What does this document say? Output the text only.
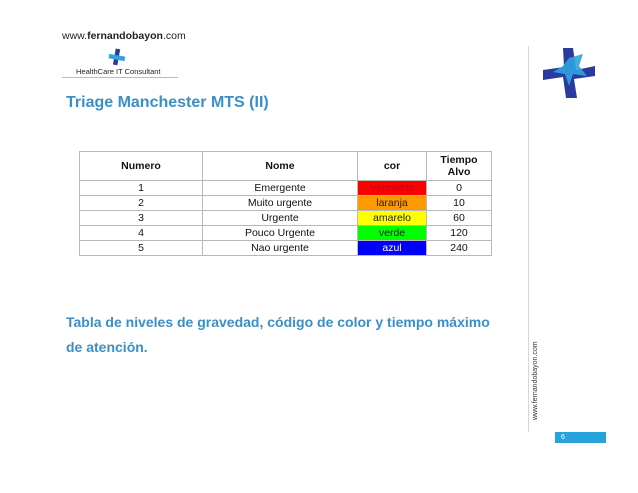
www.fernandobayon.com
HealthCare IT Consultant
Triage Manchester MTS (II)
www.fernandobayon.com
6
Numero	Nome	cor	Tiempo Alvo
1	Emergente	Vermelho	0
2	Muito urgente	laranja	10
3	Urgente	amarelo	60
4	Pouco Urgente	verde	120
5	Nao urgente	azul	240
Tabla de niveles de gravedad, código de color y tiempo máximo de atención.
